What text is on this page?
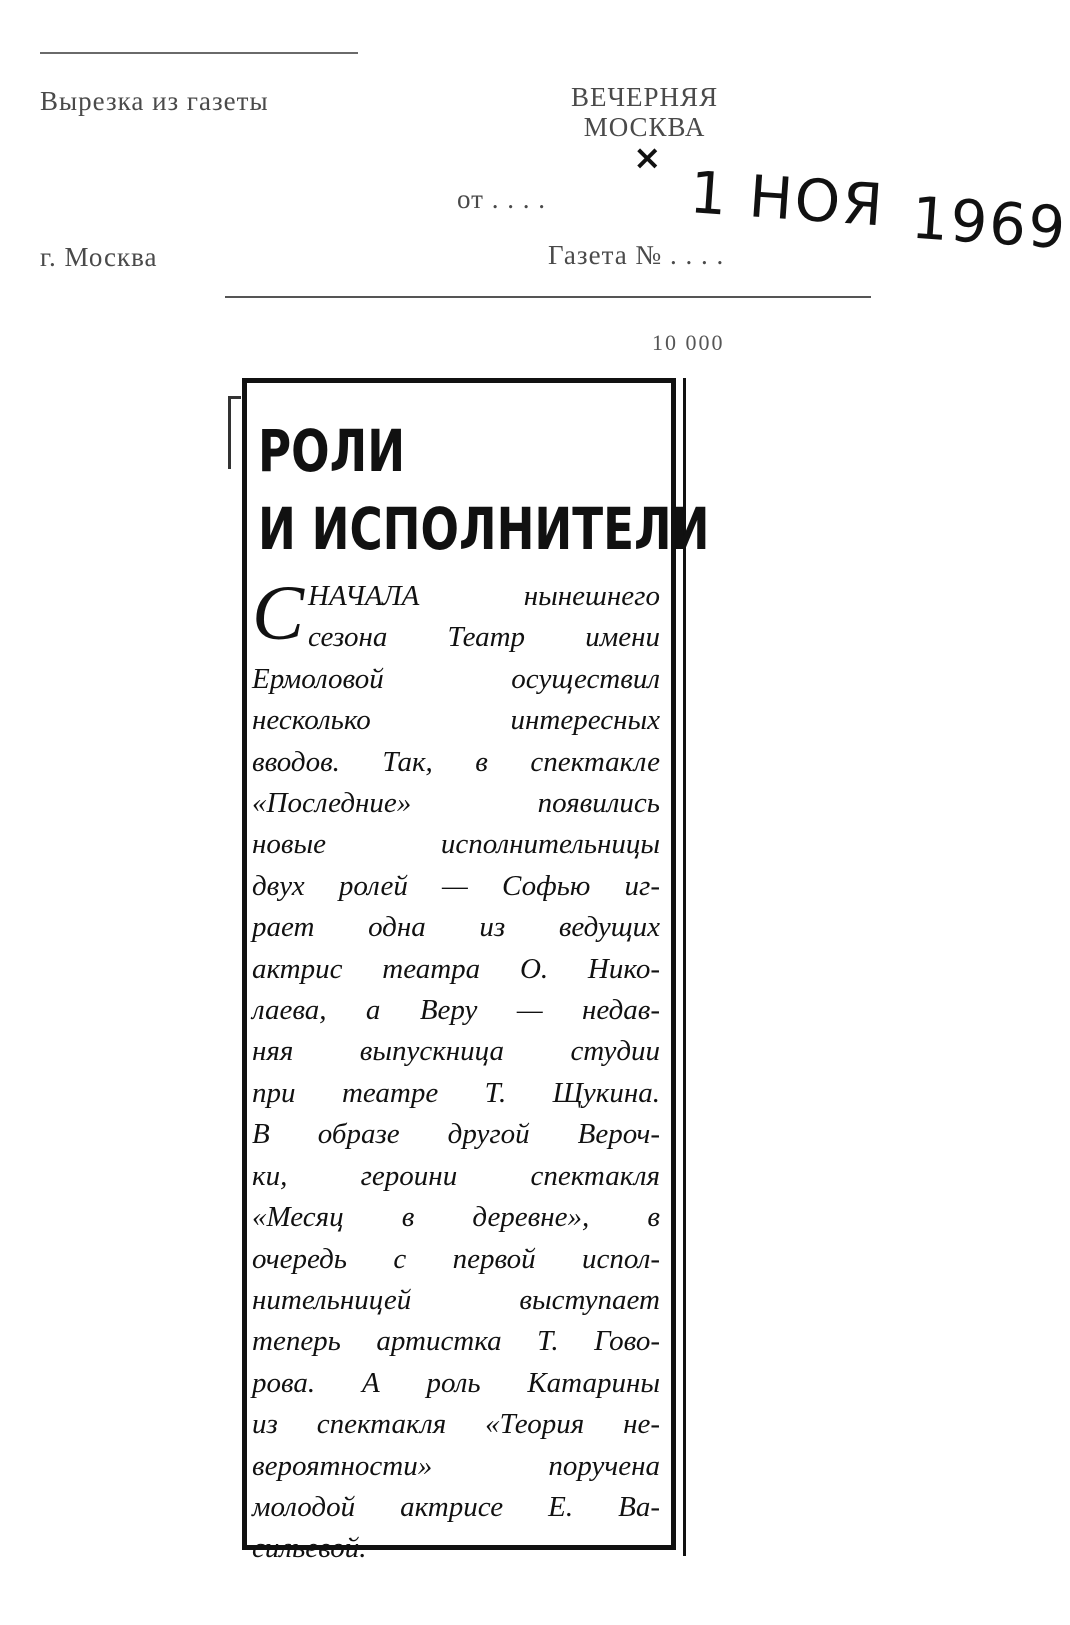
Вырезка из газеты	ВЕЧЕРНЯЯ
МОСКВА
×
от . . . . 1 НОЯ 1969
г. Москва	Газета № . . . .
10 000
РОЛИ
И ИСПОЛНИТЕЛИ
С НАЧАЛА нынешнего
сезона Театр имени
Ермоловой осуществил
несколько интересных
вводов. Так, в спектакле
«Последние» появились
новые исполнительницы
двух ролей — Софью иг-
рает одна из ведущих
актрис театра О. Нико-
лаева, а Веру — недав-
няя выпускница студии
при театре Т. Щукина.
В образе другой Вероч-
ки, героини спектакля
«Месяц в деревне», в
очередь с первой испол-
нительницей выступает
теперь артистка Т. Гово-
рова. А роль Катарины
из спектакля «Теория не-
вероятности» поручена
молодой актрисе Е. Ва-
сильевой.
